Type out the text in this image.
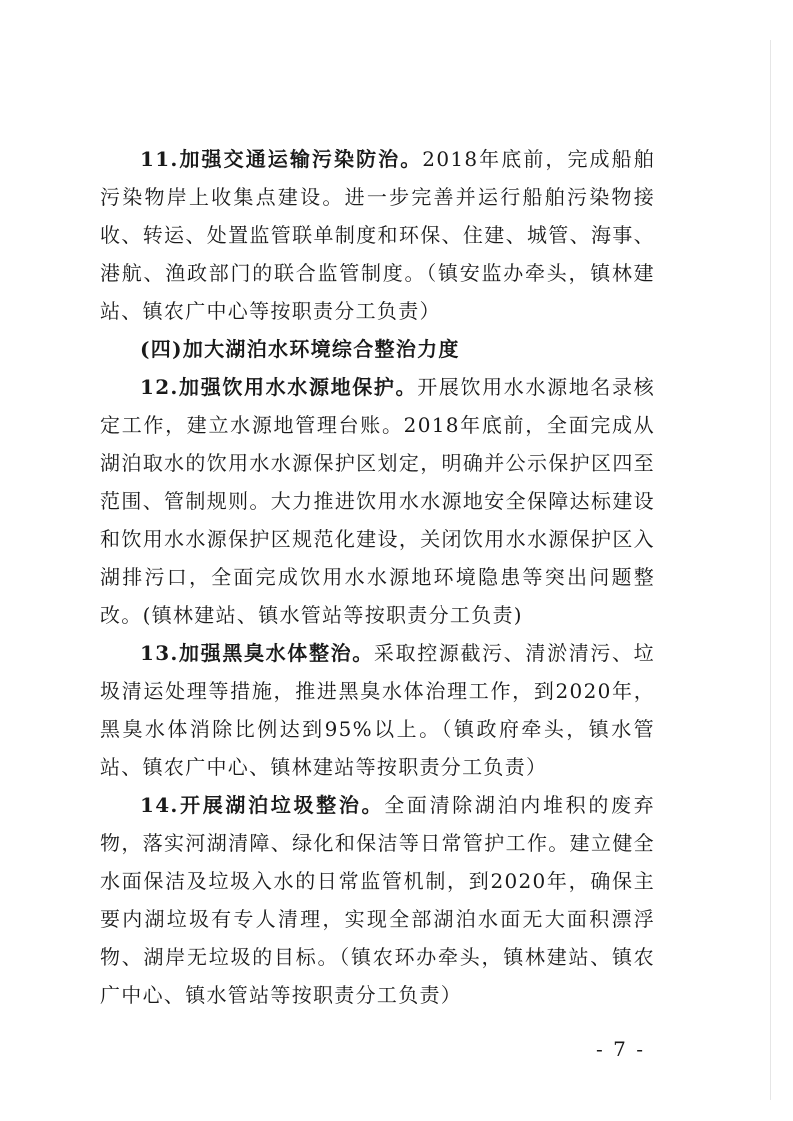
11.加强交通运输污染防治。2018年底前，完成船舶污染物岸上收集点建设。进一步完善并运行船舶污染物接收、转运、处置监管联单制度和环保、住建、城管、海事、港航、渔政部门的联合监管制度。（镇安监办牵头，镇林建站、镇农广中心等按职责分工负责）

(四)加大湖泊水环境综合整治力度

12.加强饮用水水源地保护。开展饮用水水源地名录核定工作，建立水源地管理台账。2018年底前，全面完成从湖泊取水的饮用水水源保护区划定，明确并公示保护区四至范围、管制规则。大力推进饮用水水源地安全保障达标建设和饮用水水源保护区规范化建设，关闭饮用水水源保护区入湖排污口，全面完成饮用水水源地环境隐患等突出问题整改。(镇林建站、镇水管站等按职责分工负责)

13.加强黑臭水体整治。采取控源截污、清淤清污、垃圾清运处理等措施，推进黑臭水体治理工作，到2020年，黑臭水体消除比例达到95%以上。（镇政府牵头，镇水管站、镇农广中心、镇林建站等按职责分工负责）

14.开展湖泊垃圾整治。全面清除湖泊内堆积的废弃物，落实河湖清障、绿化和保洁等日常管护工作。建立健全水面保洁及垃圾入水的日常监管机制，到2020年，确保主要内湖垃圾有专人清理，实现全部湖泊水面无大面积漂浮物、湖岸无垃圾的目标。（镇农环办牵头，镇林建站、镇农广中心、镇水管站等按职责分工负责）

- 7 -
